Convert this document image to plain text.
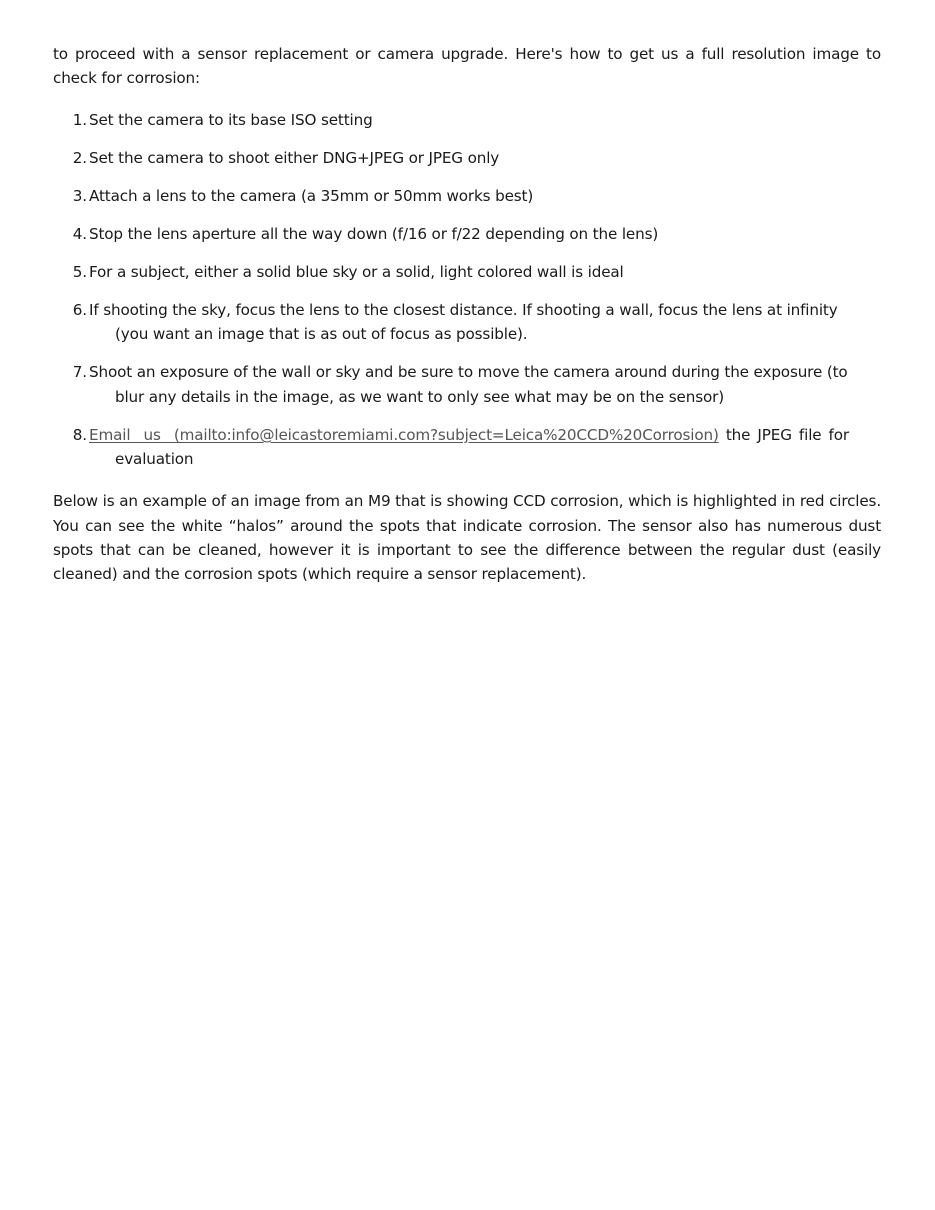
to proceed with a sensor replacement or camera upgrade. Here's how to get us a full resolution image to check for corrosion:

1. Set the camera to its base ISO setting
2. Set the camera to shoot either DNG+JPEG or JPEG only
3. Attach a lens to the camera (a 35mm or 50mm works best)
4. Stop the lens aperture all the way down (f/16 or f/22 depending on the lens)
5. For a subject, either a solid blue sky or a solid, light colored wall is ideal
6. If shooting the sky, focus the lens to the closest distance. If shooting a wall, focus the lens at infinity (you want an image that is as out of focus as possible).
7. Shoot an exposure of the wall or sky and be sure to move the camera around during the exposure (to blur any details in the image, as we want to only see what may be on the sensor)
8. Email us (mailto:info@leicastoremiami.com?subject=Leica%20CCD%20Corrosion) the JPEG file for evaluation

Below is an example of an image from an M9 that is showing CCD corrosion, which is highlighted in red circles. You can see the white “halos” around the spots that indicate corrosion. The sensor also has numerous dust spots that can be cleaned, however it is important to see the difference between the regular dust (easily cleaned) and the corrosion spots (which require a sensor replacement).
